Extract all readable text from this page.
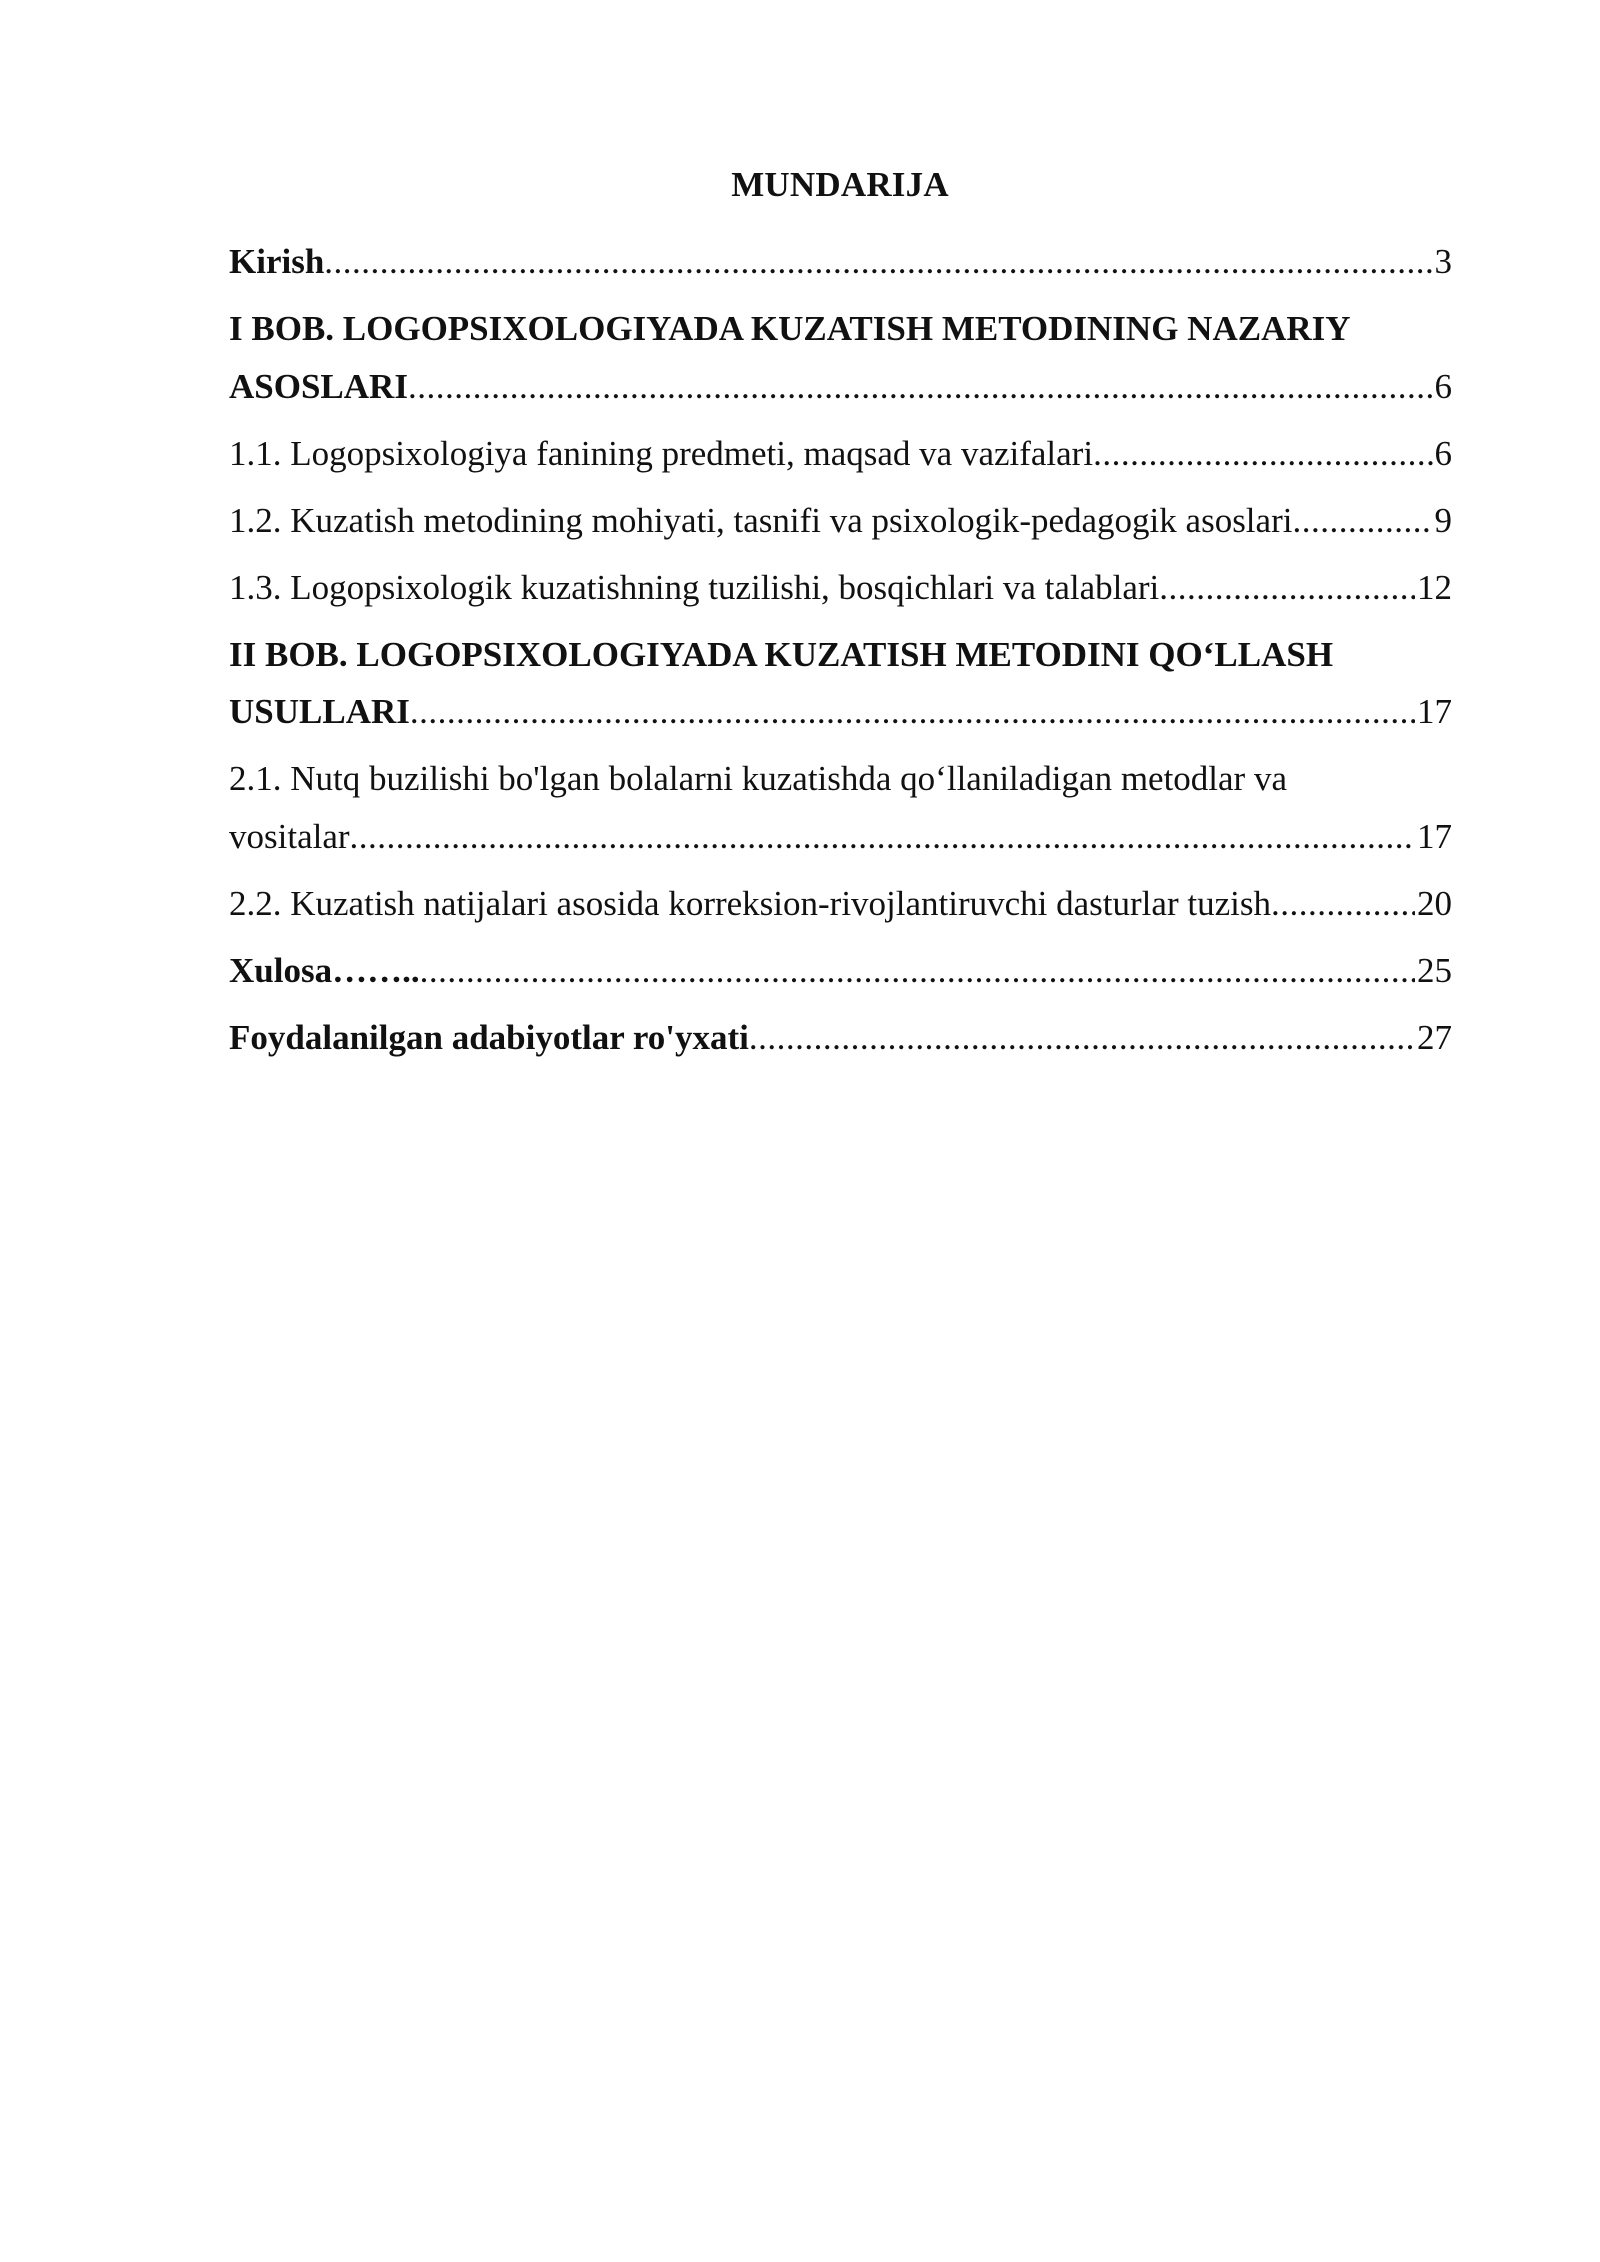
MUNDARIJA
Kirish .....	3
I BOB. LOGOPSIXOLOGIYADA KUZATISH METODINING NAZARIY
ASOSLARI .....	6
1.1. Logopsixologiya fanining predmeti, maqsad va vazifalari .....	6
1.2. Kuzatish metodining mohiyati, tasnifi va psixologik-pedagogik asoslari .....	9
1.3. Logopsixologik kuzatishning tuzilishi, bosqichlari va talablari .....	12
II BOB. LOGOPSIXOLOGIYADA KUZATISH METODINI QO‘LLASH
USULLARI .....	17
2.1. Nutq buzilishi bo'lgan bolalarni kuzatishda qo‘llaniladigan metodlar va
vositalar .....	17
2.2. Kuzatish natijalari asosida korreksion-rivojlantiruvchi dasturlar tuzish .....	20
Xulosa…….. .....	25
Foydalanilgan adabiyotlar ro'yxati .....	27
